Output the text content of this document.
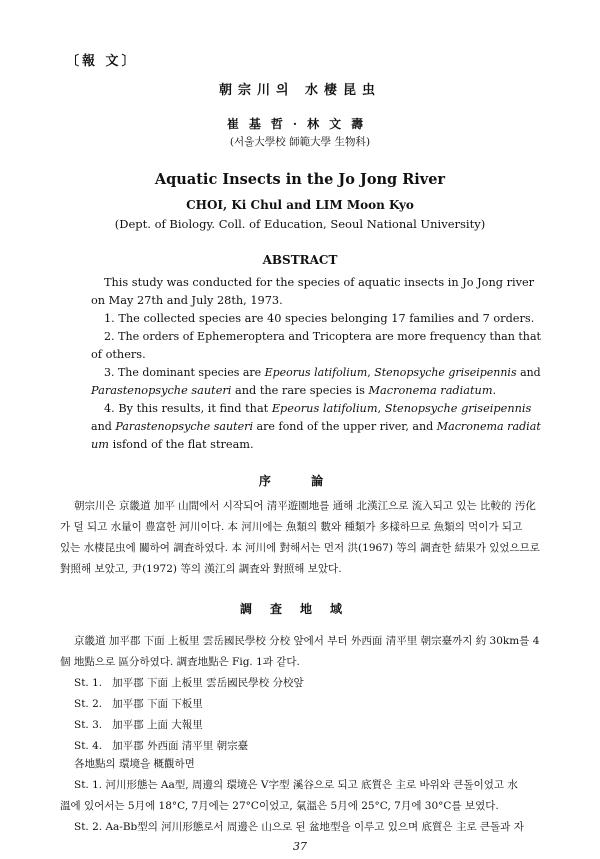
〔報 文〕
朝宗川의 水棲昆虫
崔基哲·林文壽
(서울大學校 師範大學 生物科)
Aquatic Insects in the Jo Jong River
CHOI, Ki Chul and LIM Moon Kyo
(Dept. of Biology. Coll. of Education, Seoul National University)
ABSTRACT
This study was conducted for the species of aquatic insects in Jo Jong river
on May 27th and July 28th, 1973.
1. The collected species are 40 species belonging 17 families and 7 orders.
2. The orders of Ephemeroptera and Tricoptera are more frequency than that
of others.
3. The dominant species are Epeorus latifolium, Stenopsyche griseipennis and
Parastenopsyche sauteri and the rare species is Macronema radiatum.
4. By this results, it find that Epeorus latifolium, Stenopsyche griseipennis
and Parastenopsyche sauteri are fond of the upper river, and Macronema radiat
um isfond of the flat stream.
序 論
朝宗川은 京畿道 加平 山間에서 시작되어 清平遊園地를 通해 北漢江으로 流入되고 있는 比較的 汚化
가 덜 되고 水量이 豊富한 河川이다. 本 河川에는 魚類의 數와 種類가 多樣하므로 魚類의 먹이가 되고
있는 水棲昆虫에 關하여 調査하였다. 本 河川에 對해서는 먼저 洪(1967) 等의 調査한 結果가 있었으므로
對照해 보았고, 尹(1972) 等의 漢江의 調査와 對照해 보았다.
調査地域
京畿道 加平郡 下面 上板里 雲岳國民學校 分校 앞에서 부터 外西面 清平里 朝宗臺까지 約 30km를 4
個 地點으로 區分하였다. 調査地點은 Fig. 1과 같다.
St. 1. 加平郡 下面 上板里 雲岳國民學校 分校앞
St. 2. 加平郡 下面 下板里
St. 3. 加平郡 上面 大報里
St. 4. 加平郡 外西面 清平里 朝宗臺
各地點의 環境을 概觀하면
St. 1. 河川形態는 Aa型, 周邊의 環境은 V字型 溪谷으로 되고 底質은 主로 바위와 큰돌이었고 水
溫에 있어서는 5月에 18°C, 7月에는 27°C이었고, 氣溫은 5月에 25°C, 7月에 30°C를 보였다.
St. 2. Aa-Bb型의 河川形態로서 周邊은 山으로 된 盆地型을 이루고 있으며 底質은 主로 큰돌과 자
37
